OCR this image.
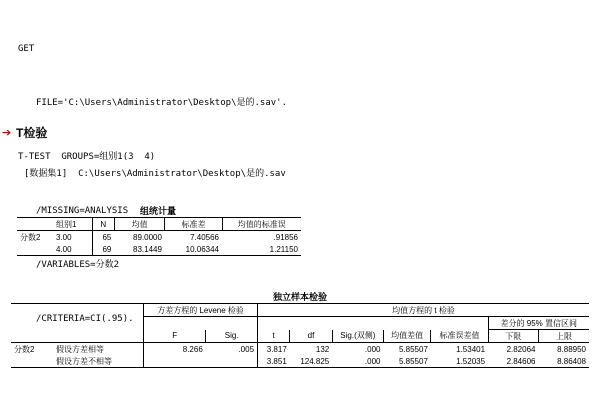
GET

FILE='C:\Users\Administrator\Desktop\是的.sav'.

T-TEST  GROUPS=组别1(3  4)

/MISSING=ANALYSIS

/VARIABLES=分数2

/CRITERIA=CI(.95).

➔ T检验
[数据集1]  C:\Users\Administrator\Desktop\是的.sav
组统计量
	组别1	N	均值	标准差	均值的标准误
分数2	3.00	65	89.0000	7.40566	.91856
	4.00	69	83.1449	10.06344	1.21150
独立样本检验
		方差方程的 Levene 检验		均值方程的 t 检验						
									差分的 95% 置信区间	
		F	Sig.	t	df	Sig.(双侧)	均值差值	标准误差值	下限	上限
分数2	假设方差相等	8.266	.005	3.817	132	.000	5.85507	1.53401	2.82064	8.88950
	假设方差不相等			3.851	124.825	.000	5.85507	1.52035	2.84606	8.86408
